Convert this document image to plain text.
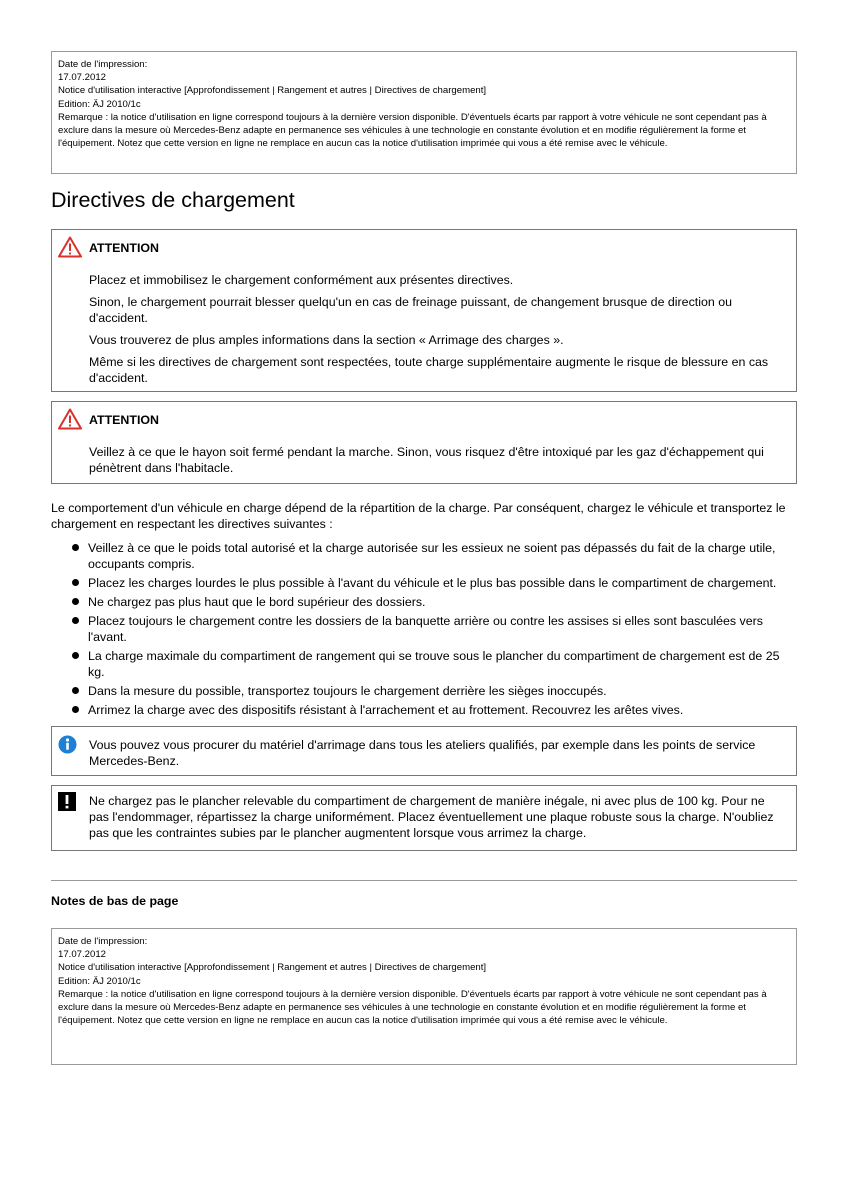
Date de l'impression:
17.07.2012
Notice d'utilisation interactive [Approfondissement | Rangement et autres | Directives de chargement]
Edition: ÄJ 2010/1c
Remarque : la notice d'utilisation en ligne correspond toujours à la dernière version disponible. D'éventuels écarts par rapport à votre véhicule ne sont cependant pas à exclure dans la mesure où Mercedes-Benz adapte en permanence ses véhicules à une technologie en constante évolution et en modifie régulièrement la forme et l'équipement. Notez que cette version en ligne ne remplace en aucun cas la notice d'utilisation imprimée qui vous a été remise avec le véhicule.
Directives de chargement
ATTENTION

Placez et immobilisez le chargement conformément aux présentes directives.

Sinon, le chargement pourrait blesser quelqu'un en cas de freinage puissant, de changement brusque de direction ou d'accident.

Vous trouverez de plus amples informations dans la section « Arrimage des charges ».

Même si les directives de chargement sont respectées, toute charge supplémentaire augmente le risque de blessure en cas d'accident.

ATTENTION

Veillez à ce que le hayon soit fermé pendant la marche. Sinon, vous risquez d'être intoxiqué par les gaz d'échappement qui pénètrent dans l'habitacle.

Le comportement d'un véhicule en charge dépend de la répartition de la charge. Par conséquent, chargez le véhicule et transportez le chargement en respectant les directives suivantes :

Veillez à ce que le poids total autorisé et la charge autorisée sur les essieux ne soient pas dépassés du fait de la charge utile, occupants compris.
Placez les charges lourdes le plus possible à l'avant du véhicule et le plus bas possible dans le compartiment de chargement.
Ne chargez pas plus haut que le bord supérieur des dossiers.
Placez toujours le chargement contre les dossiers de la banquette arrière ou contre les assises si elles sont basculées vers l'avant.
La charge maximale du compartiment de rangement qui se trouve sous le plancher du compartiment de chargement est de 25 kg.
Dans la mesure du possible, transportez toujours le chargement derrière les sièges inoccupés.
Arrimez la charge avec des dispositifs résistant à l'arrachement et au frottement. Recouvrez les arêtes vives.

Vous pouvez vous procurer du matériel d'arrimage dans tous les ateliers qualifiés, par exemple dans les points de service Mercedes-Benz.

Ne chargez pas le plancher relevable du compartiment de chargement de manière inégale, ni avec plus de 100 kg. Pour ne pas l'endommager, répartissez la charge uniformément. Placez éventuellement une plaque robuste sous la charge. N'oubliez pas que les contraintes subies par le plancher augmentent lorsque vous arrimez la charge.

Notes de bas de page
Date de l'impression:
17.07.2012
Notice d'utilisation interactive [Approfondissement | Rangement et autres | Directives de chargement]
Edition: ÄJ 2010/1c
Remarque : la notice d'utilisation en ligne correspond toujours à la dernière version disponible. D'éventuels écarts par rapport à votre véhicule ne sont cependant pas à exclure dans la mesure où Mercedes-Benz adapte en permanence ses véhicules à une technologie en constante évolution et en modifie régulièrement la forme et l'équipement. Notez que cette version en ligne ne remplace en aucun cas la notice d'utilisation imprimée qui vous a été remise avec le véhicule.
